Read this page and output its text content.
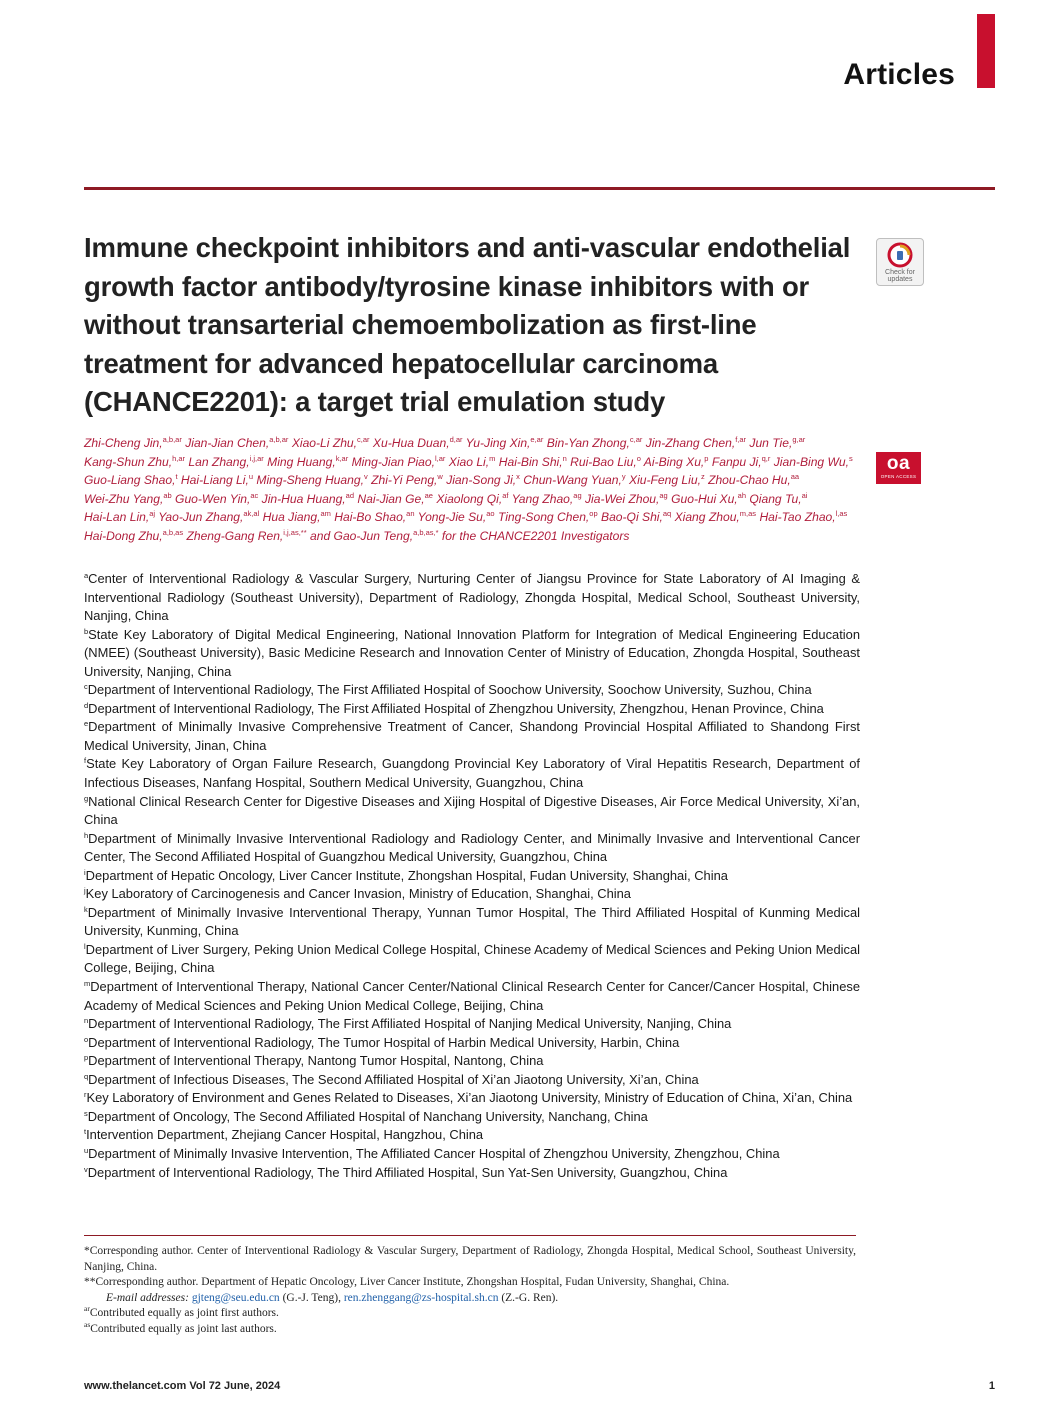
Articles
Immune checkpoint inhibitors and anti-vascular endothelial growth factor antibody/tyrosine kinase inhibitors with or without transarterial chemoembolization as first-line treatment for advanced hepatocellular carcinoma (CHANCE2201): a target trial emulation study
Check for updates
oa
OPEN ACCESS

Zhi-Cheng Jin,$^{a,b,ar}$ Jian-Jian Chen,$^{a,b,ar}$ Xiao-Li Zhu,$^{c,ar}$ Xu-Hua Duan,$^{d,ar}$ Yu-Jing Xin,$^{e,ar}$ Bin-Yan Zhong,$^{c,ar}$ Jin-Zhang Chen,$^{f,ar}$ Jun Tie,$^{g,ar}$ Kang-Shun Zhu,$^{h,ar}$ Lan Zhang,$^{i,j,ar}$ Ming Huang,$^{k,ar}$ Ming-Jian Piao,$^{l,ar}$ Xiao Li,$^m$ Hai-Bin Shi,$^n$ Rui-Bao Liu,$^o$ Ai-Bing Xu,$^p$ Fanpu Ji,$^{q,r}$ Jian-Bing Wu,$^s$ Guo-Liang Shao,$^t$ Hai-Liang Li,$^u$ Ming-Sheng Huang,$^v$ Zhi-Yi Peng,$^w$ Jian-Song Ji,$^x$ Chun-Wang Yuan,$^y$ Xiu-Feng Liu,$^z$ Zhou-Chao Hu,$^{aa}$ Wei-Zhu Yang,$^{ab}$ Guo-Wen Yin,$^{ac}$ Jin-Hua Huang,$^{ad}$ Nai-Jian Ge,$^{ae}$ Xiaolong Qi,$^{af}$ Yang Zhao,$^{ag}$ Jia-Wei Zhou,$^{ag}$ Guo-Hui Xu,$^{ah}$ Qiang Tu,$^{ai}$ Hai-Lan Lin,$^{aj}$ Yao-Jun Zhang,$^{ak,al}$ Hua Jiang,$^{am}$ Hai-Bo Shao,$^{an}$ Yong-Jie Su,$^{ao}$ Ting-Song Chen,$^{op}$ Bao-Qi Shi,$^{aq}$ Xiang Zhou,$^{m,as}$ Hai-Tao Zhao,$^{l,as}$ Hai-Dong Zhu,$^{a,b,as}$ Zheng-Gang Ren,$^{i,j,as,**}$ and Gao-Jun Teng,$^{a,b,as,*}$ for the CHANCE2201 Investigators

$^a$Center of Interventional Radiology & Vascular Surgery, Nurturing Center of Jiangsu Province for State Laboratory of AI Imaging & Interventional Radiology (Southeast University), Department of Radiology, Zhongda Hospital, Medical School, Southeast University, Nanjing, China

$^b$State Key Laboratory of Digital Medical Engineering, National Innovation Platform for Integration of Medical Engineering Education (NMEE) (Southeast University), Basic Medicine Research and Innovation Center of Ministry of Education, Zhongda Hospital, Southeast University, Nanjing, China

$^c$Department of Interventional Radiology, The First Affiliated Hospital of Soochow University, Soochow University, Suzhou, China

$^d$Department of Interventional Radiology, The First Affiliated Hospital of Zhengzhou University, Zhengzhou, Henan Province, China

$^e$Department of Minimally Invasive Comprehensive Treatment of Cancer, Shandong Provincial Hospital Affiliated to Shandong First Medical University, Jinan, China

$^f$State Key Laboratory of Organ Failure Research, Guangdong Provincial Key Laboratory of Viral Hepatitis Research, Department of Infectious Diseases, Nanfang Hospital, Southern Medical University, Guangzhou, China

$^g$National Clinical Research Center for Digestive Diseases and Xijing Hospital of Digestive Diseases, Air Force Medical University, Xi’an, China

$^h$Department of Minimally Invasive Interventional Radiology and Radiology Center, and Minimally Invasive and Interventional Cancer Center, The Second Affiliated Hospital of Guangzhou Medical University, Guangzhou, China

$^i$Department of Hepatic Oncology, Liver Cancer Institute, Zhongshan Hospital, Fudan University, Shanghai, China

$^j$Key Laboratory of Carcinogenesis and Cancer Invasion, Ministry of Education, Shanghai, China

$^k$Department of Minimally Invasive Interventional Therapy, Yunnan Tumor Hospital, The Third Affiliated Hospital of Kunming Medical University, Kunming, China

$^l$Department of Liver Surgery, Peking Union Medical College Hospital, Chinese Academy of Medical Sciences and Peking Union Medical College, Beijing, China

$^m$Department of Interventional Therapy, National Cancer Center/National Clinical Research Center for Cancer/Cancer Hospital, Chinese Academy of Medical Sciences and Peking Union Medical College, Beijing, China

$^n$Department of Interventional Radiology, The First Affiliated Hospital of Nanjing Medical University, Nanjing, China

$^o$Department of Interventional Radiology, The Tumor Hospital of Harbin Medical University, Harbin, China

$^p$Department of Interventional Therapy, Nantong Tumor Hospital, Nantong, China

$^q$Department of Infectious Diseases, The Second Affiliated Hospital of Xi’an Jiaotong University, Xi’an, China

$^r$Key Laboratory of Environment and Genes Related to Diseases, Xi’an Jiaotong University, Ministry of Education of China, Xi’an, China

$^s$Department of Oncology, The Second Affiliated Hospital of Nanchang University, Nanchang, China

$^t$Intervention Department, Zhejiang Cancer Hospital, Hangzhou, China

$^u$Department of Minimally Invasive Intervention, The Affiliated Cancer Hospital of Zhengzhou University, Zhengzhou, China

$^v$Department of Interventional Radiology, The Third Affiliated Hospital, Sun Yat-Sen University, Guangzhou, China

*Corresponding author. Center of Interventional Radiology & Vascular Surgery, Department of Radiology, Zhongda Hospital, Medical School, Southeast University, Nanjing, China.

**Corresponding author. Department of Hepatic Oncology, Liver Cancer Institute, Zhongshan Hospital, Fudan University, Shanghai, China.

E-mail addresses: gjteng@seu.edu.cn (G.-J. Teng), ren.zhenggang@zs-hospital.sh.cn (Z.-G. Ren).

$^{ar}$Contributed equally as joint first authors.

$^{as}$Contributed equally as joint last authors.

www.thelancet.com Vol 72 June, 2024	1
